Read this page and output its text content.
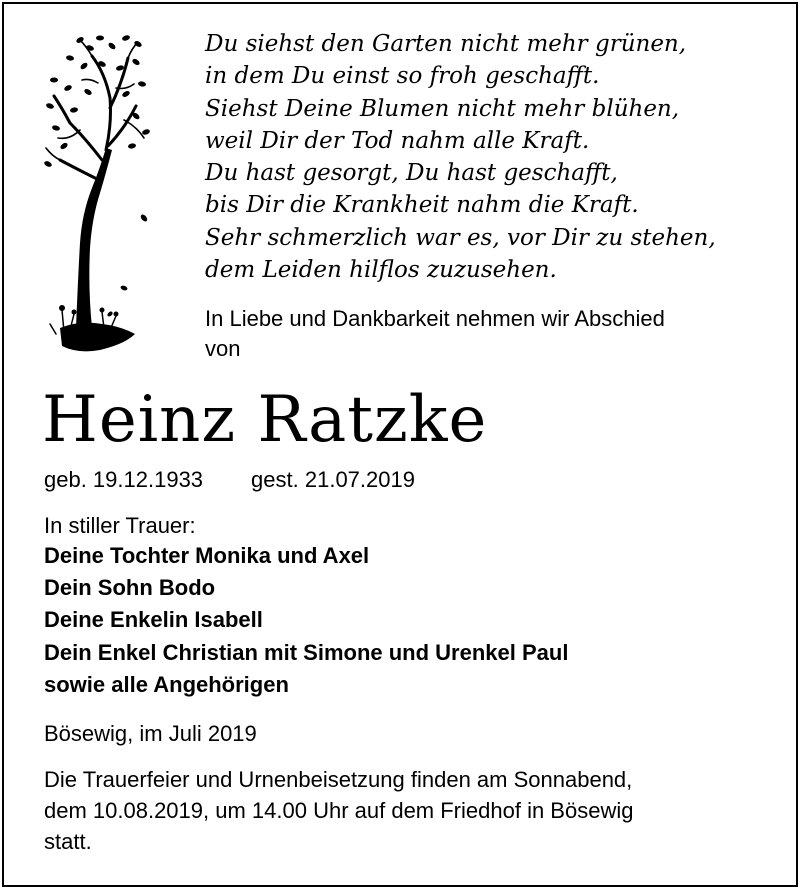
Du siehst den Garten nicht mehr grünen,
in dem Du einst so froh geschafft.
Siehst Deine Blumen nicht mehr blühen,
weil Dir der Tod nahm alle Kraft.
Du hast gesorgt, Du hast geschafft,
bis Dir die Krankheit nahm die Kraft.
Sehr schmerzlich war es, vor Dir zu stehen,
dem Leiden hilflos zuzusehen.
In Liebe und Dankbarkeit nehmen wir Abschied
von
Heinz Ratzke
geb. 19.12.1933 gest. 21.07.2019
In stiller Trauer:
Deine Tochter Monika und Axel
Dein Sohn Bodo
Deine Enkelin Isabell
Dein Enkel Christian mit Simone und Urenkel Paul
sowie alle Angehörigen
Bösewig, im Juli 2019
Die Trauerfeier und Urnenbeisetzung finden am Sonnabend,
dem 10.08.2019, um 14.00 Uhr auf dem Friedhof in Bösewig
statt.
